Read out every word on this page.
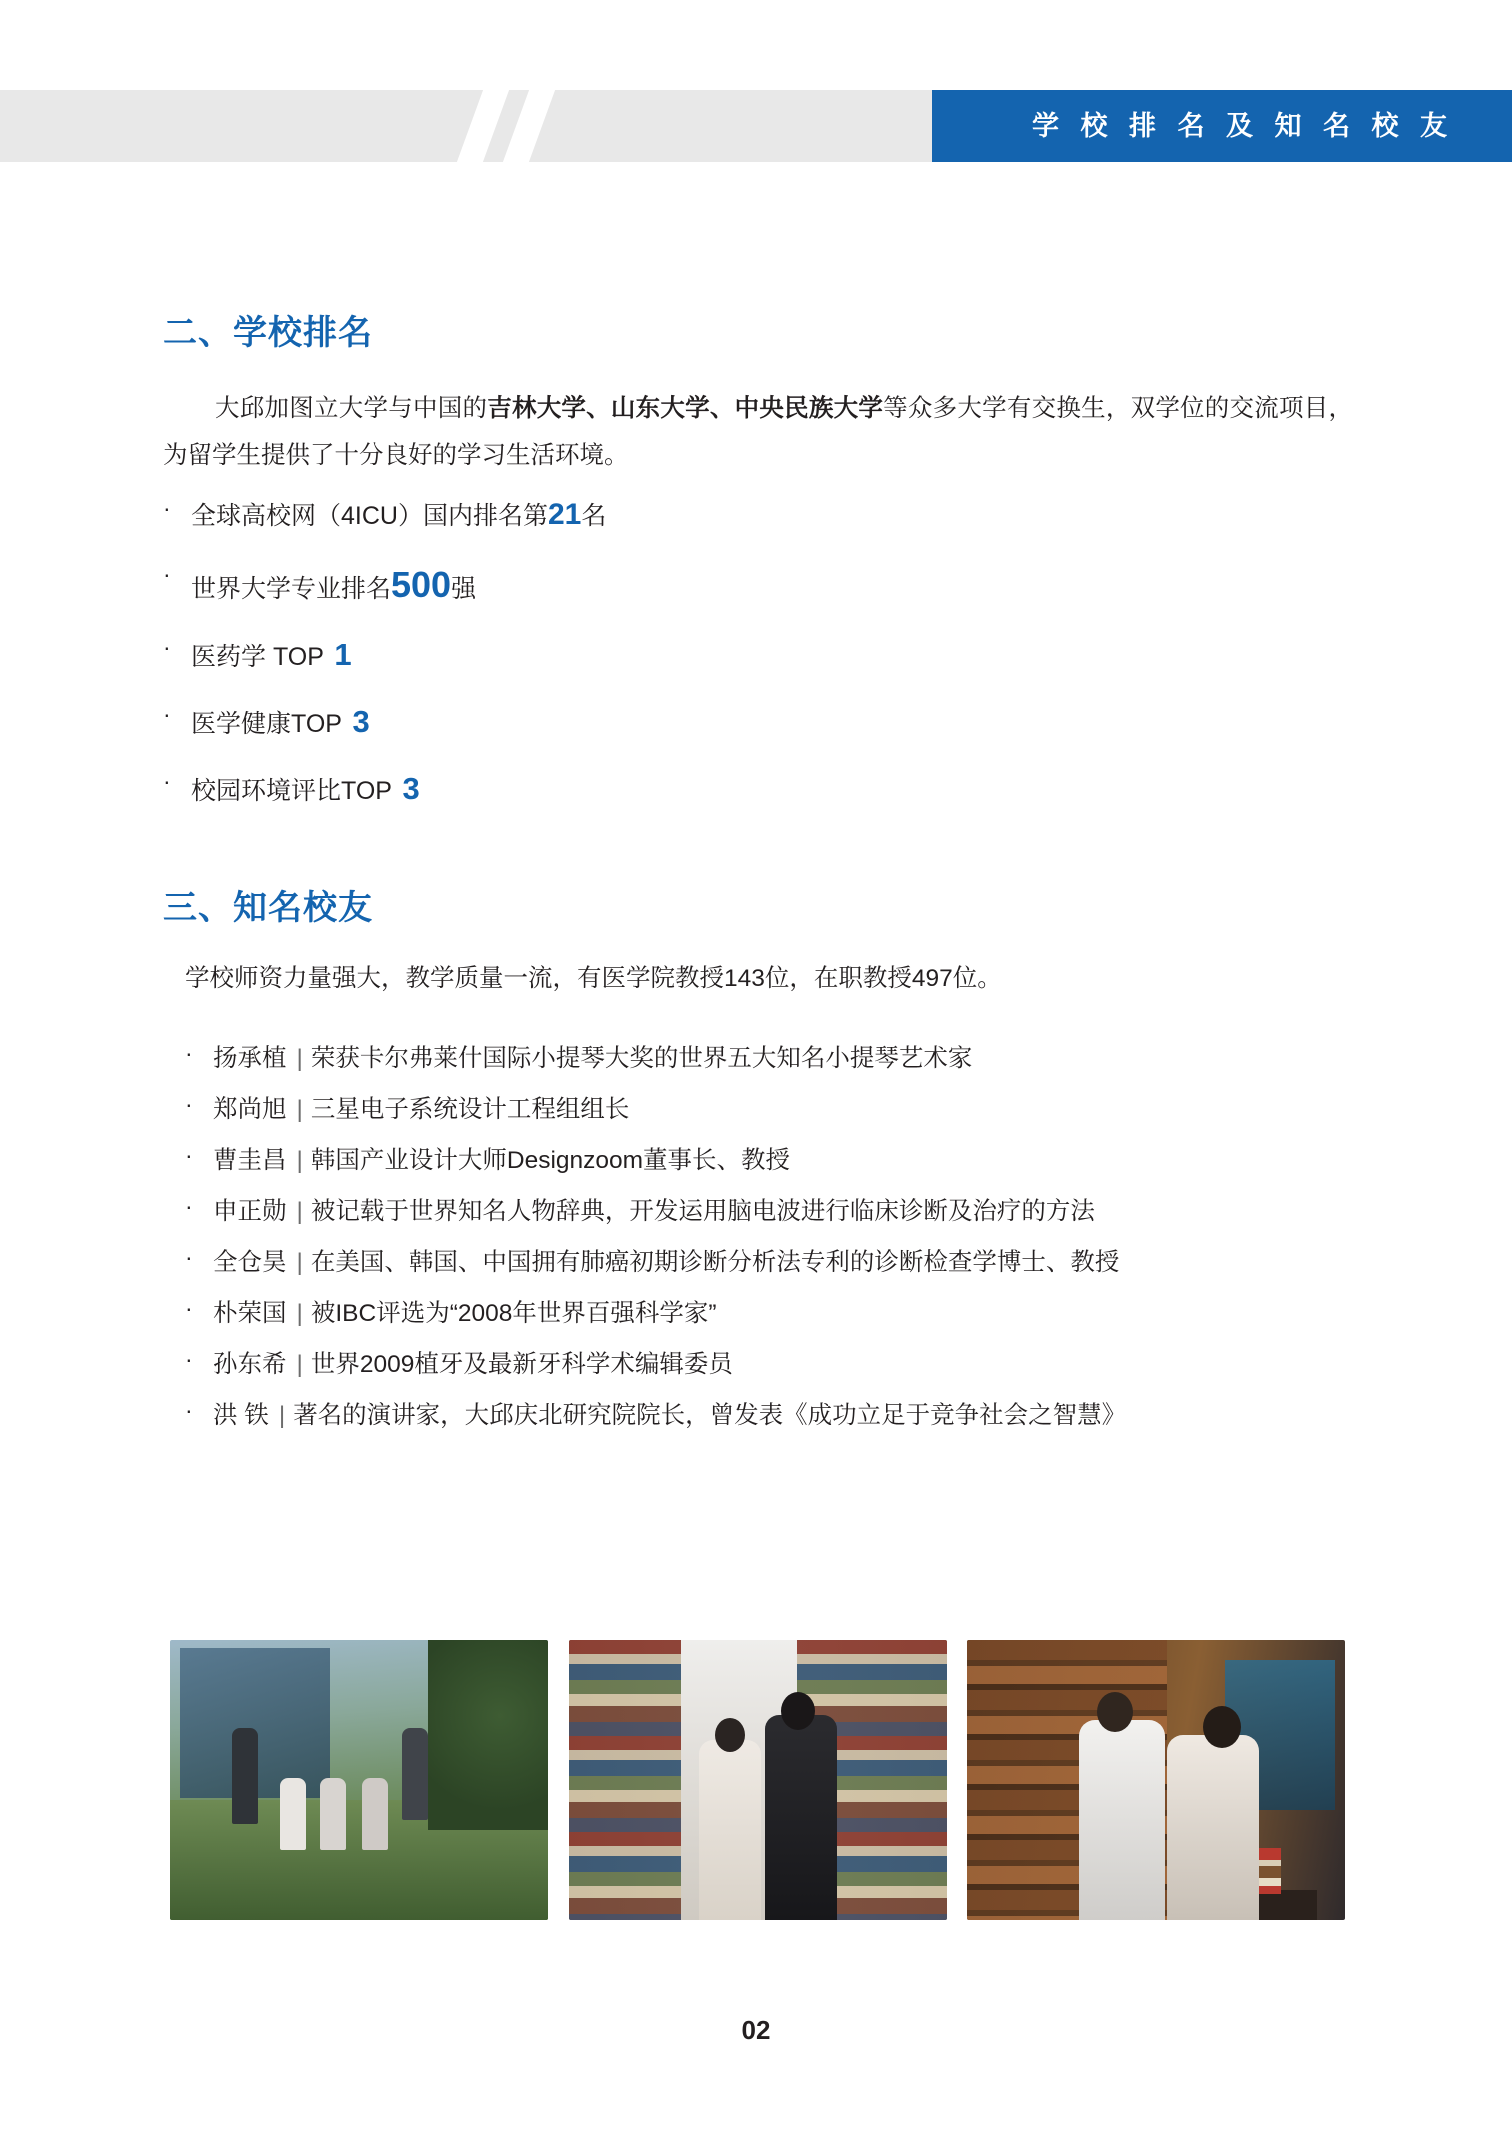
学 校 排 名 及 知 名 校 友
二、学校排名
大邱加图立大学与中国的吉林大学、山东大学、中央民族大学等众多大学有交换生，双学位的交流项目，为留学生提供了十分良好的学习生活环境。
· 全球高校网（4ICU）国内排名第21名
·
世界大学专业排名500强
· 医药学 TOP 1
· 医学健康TOP 3
· 校园环境评比TOP 3
三、知名校友
学校师资力量强大，教学质量一流，有医学院教授143位，在职教授497位。
· 扬承植 | 荣获卡尔弗莱什国际小提琴大奖的世界五大知名小提琴艺术家
· 郑尚旭 | 三星电子系统设计工程组组长
· 曹圭昌 | 韩国产业设计大师Designzoom董事长、教授
· 申正勋 | 被记载于世界知名人物辞典，开发运用脑电波进行临床诊断及治疗的方法
· 全仓昊 | 在美国、韩国、中国拥有肺癌初期诊断分析法专利的诊断检查学博士、教授
· 朴荣国 | 被IBC评选为“2008年世界百强科学家”
· 孙东希 | 世界2009植牙及最新牙科学术编辑委员
· 洪 铁 | 著名的演讲家，大邱庆北研究院院长，曾发表《成功立足于竞争社会之智慧》
02
